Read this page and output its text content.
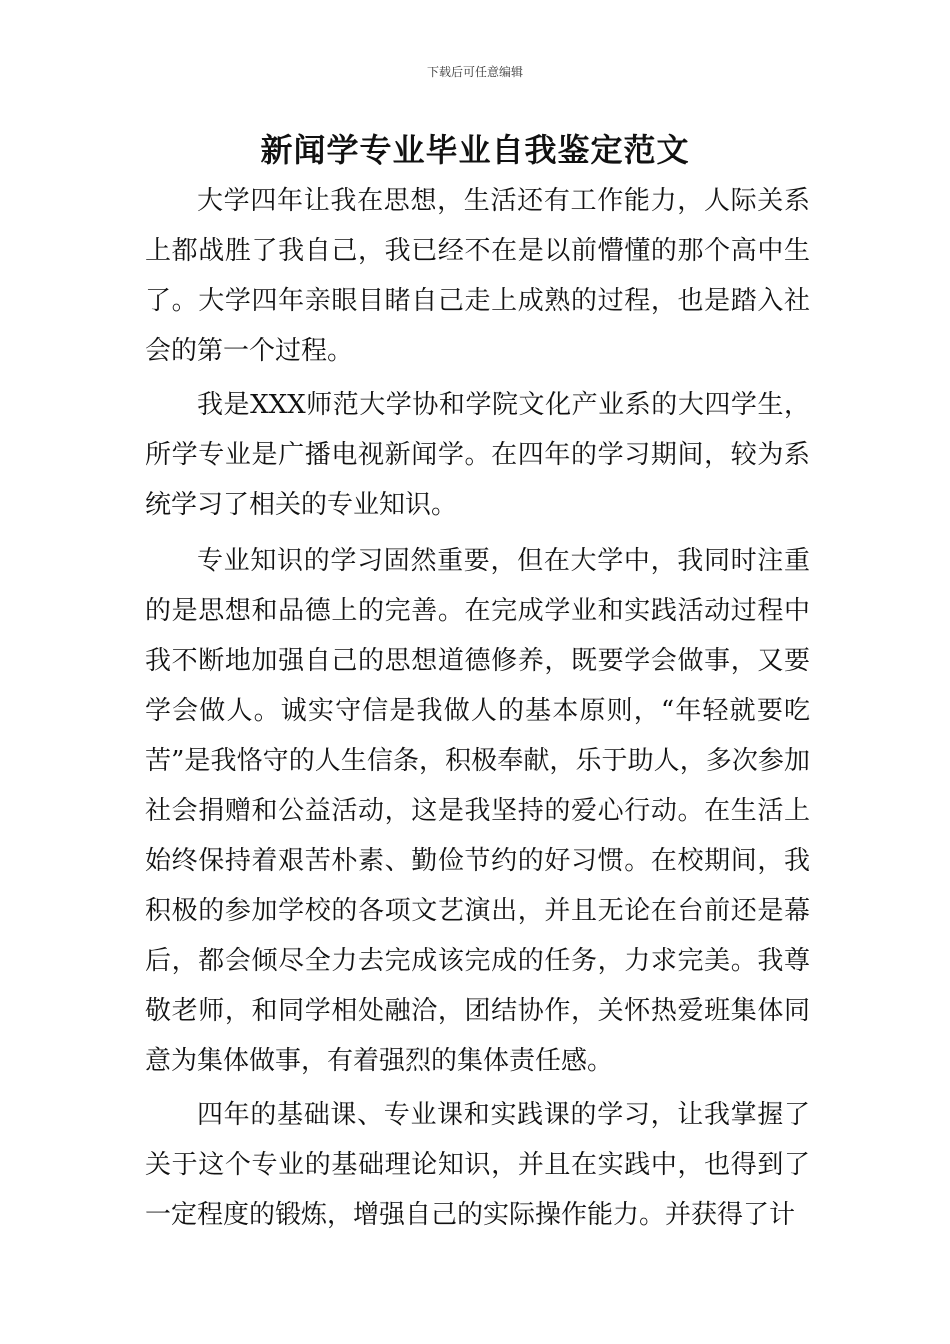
下载后可任意编辑
新闻学专业毕业自我鉴定范文

大学四年让我在思想，生活还有工作能力，人际关系上都战胜了我自己，我已经不在是以前懵懂的那个高中生了。大学四年亲眼目睹自己走上成熟的过程，也是踏入社会的第一个过程。

我是XXX师范大学协和学院文化产业系的大四学生，所学专业是广播电视新闻学。在四年的学习期间，较为系统学习了相关的专业知识。

专业知识的学习固然重要，但在大学中，我同时注重的是思想和品德上的完善。在完成学业和实践活动过程中我不断地加强自己的思想道德修养，既要学会做事，又要学会做人。诚实守信是我做人的基本原则，“年轻就要吃苦”是我恪守的人生信条，积极奉献，乐于助人，多次参加社会捐赠和公益活动，这是我坚持的爱心行动。在生活上始终保持着艰苦朴素、勤俭节约的好习惯。在校期间，我积极的参加学校的各项文艺演出，并且无论在台前还是幕后，都会倾尽全力去完成该完成的任务，力求完美。我尊敬老师，和同学相处融洽，团结协作，关怀热爱班集体同意为集体做事，有着强烈的集体责任感。

四年的基础课、专业课和实践课的学习，让我掌握了关于这个专业的基础理论知识，并且在实践中，也得到了一定程度的锻炼，增强自己的实际操作能力。并获得了计
